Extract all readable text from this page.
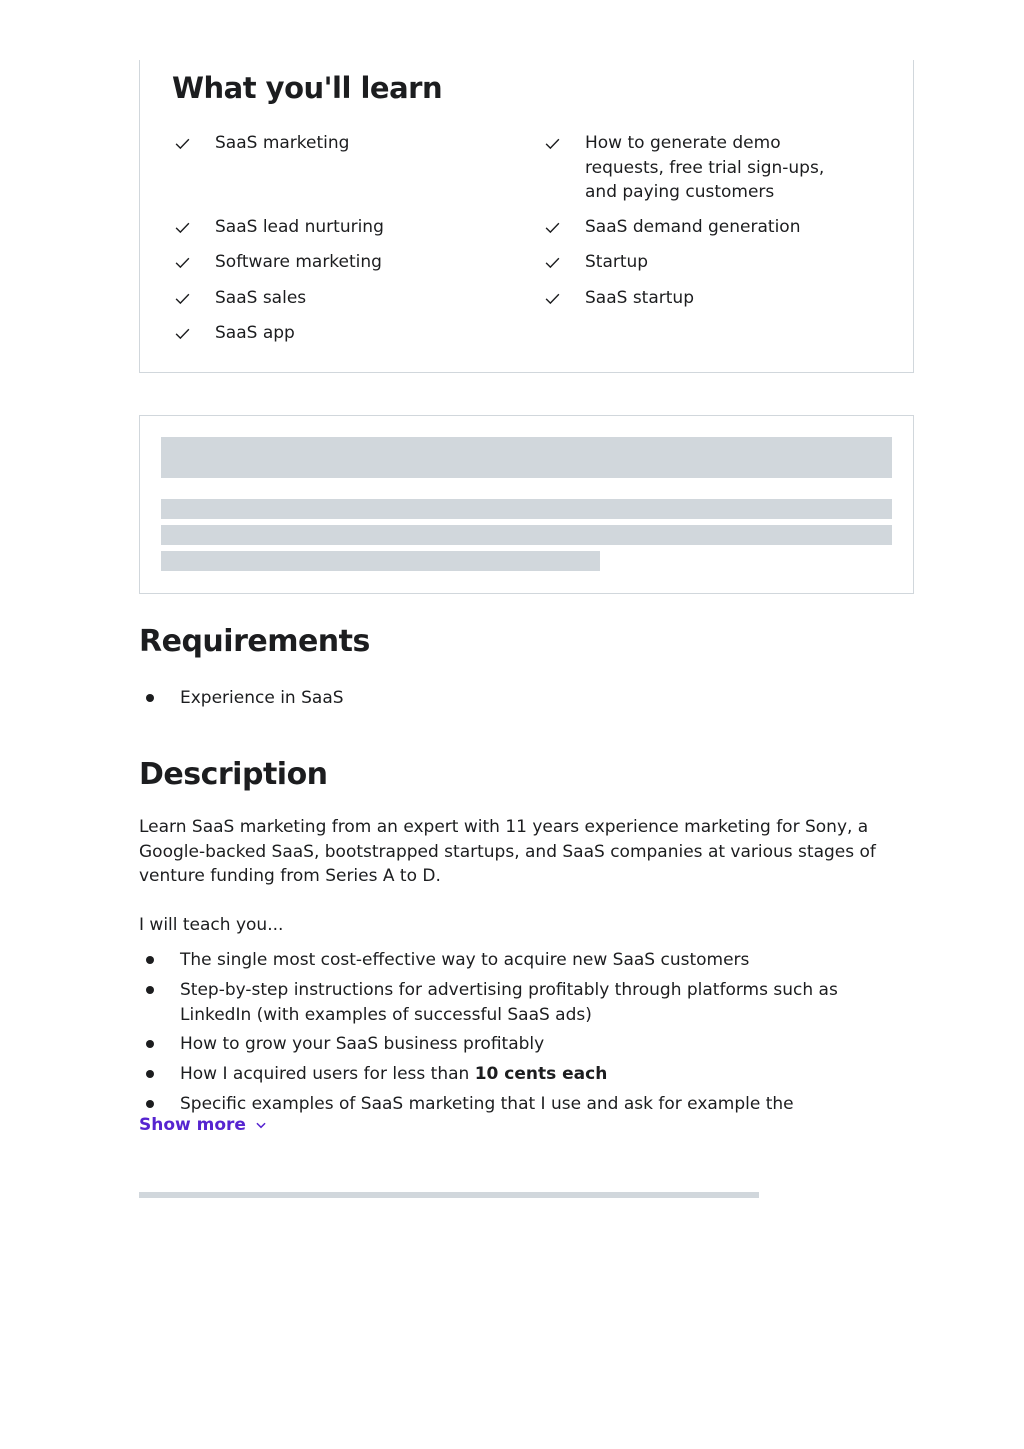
What you'll learn
SaaS marketing
SaaS lead nurturing
Software marketing
SaaS sales
SaaS app
How to generate demo requests, free trial sign-ups, and paying customers
SaaS demand generation
Startup
SaaS startup
Requirements
Experience in SaaS
Description

Learn SaaS marketing from an expert with 11 years experience marketing for Sony, a Google-backed SaaS, bootstrapped startups, and SaaS companies at various stages of venture funding from Series A to D.

I will teach you...

The single most cost-effective way to acquire new SaaS customers
Step-by-step instructions for advertising profitably through platforms such as LinkedIn (with examples of successful SaaS ads)
How to grow your SaaS business profitably
How I acquired users for less than 10 cents each
Specific examples of SaaS marketing that I use and ask for example the
Show more
